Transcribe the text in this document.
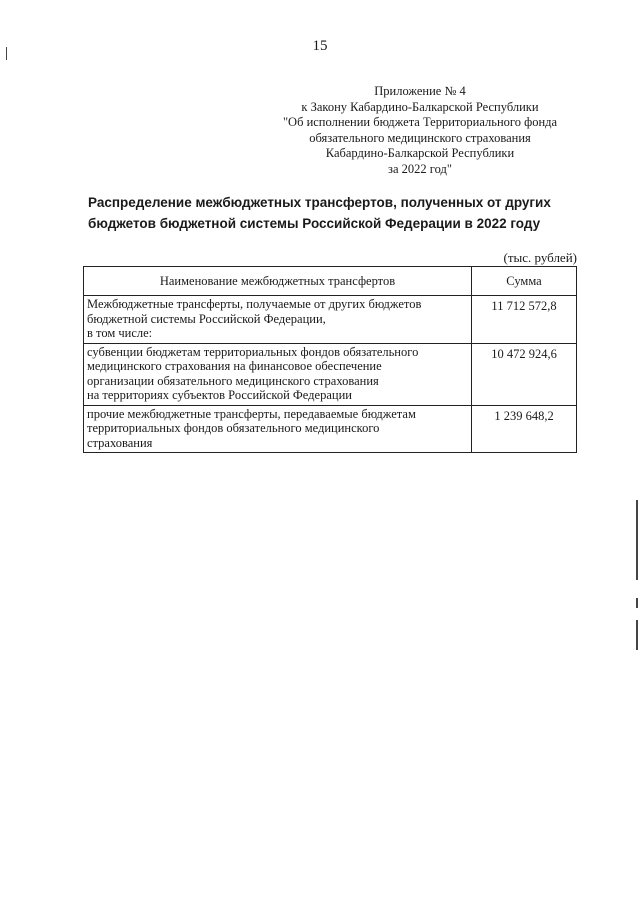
15
Приложение № 4
к Закону Кабардино-Балкарской Республики
"Об исполнении бюджета Территориального фонда
обязательного медицинского страхования
Кабардино-Балкарской Республики
за 2022 год"
Распределение межбюджетных трансфертов, полученных от других
бюджетов бюджетной системы Российской Федерации в 2022 году
(тыс. рублей)
Наименование межбюджетных трансфертов	Сумма

Межбюджетные трансферты, получаемые от других бюджетов
бюджетной системы Российской Федерации,
в том числе:	11 712 572,8

субвенции бюджетам территориальных фондов обязательного
медицинского страхования на финансовое обеспечение
организации обязательного медицинского страхования
на территориях субъектов Российской Федерации	10 472 924,6

прочие межбюджетные трансферты, передаваемые бюджетам
территориальных фондов обязательного медицинского
страхования	1 239 648,2
